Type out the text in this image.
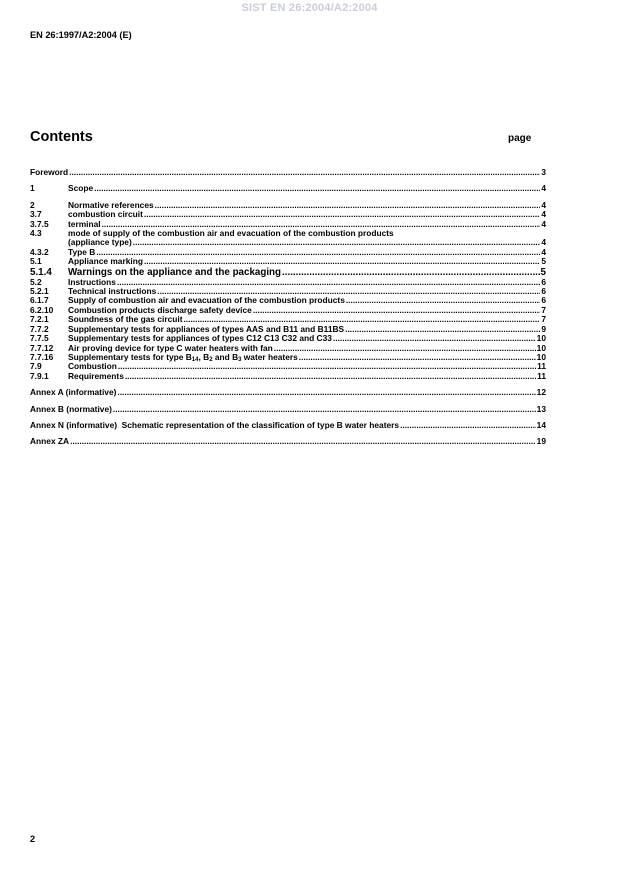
SIST EN 26:2004/A2:2004
EN 26:1997/A2:2004 (E)
Contents	page
Foreword .....	3
1	Scope .....	4
2	Normative references .....	4
3.7	combustion circuit .....	4
3.7.5	terminal .....	4
4.3	mode of supply of the combustion air and evacuation of the combustion products
(appliance type) .....	4
4.3.2	Type B .....	4
5.1	Appliance marking .....	5
5.1.4	Warnings on the appliance and the packaging .....	5
5.2	Instructions .....	6
5.2.1	Technical instructions .....	6
6.1.7	Supply of combustion air and evacuation of the combustion products .....	6
6.2.10	Combustion products discharge safety device .....	7
7.2.1	Soundness of the gas circuit .....	7
7.7.2	Supplementary tests for appliances of types AAS and B11 and B11BS .....	9
7.7.5	Supplementary tests for appliances of types C12 C13 C32 and C33 .....	10
7.7.12	Air proving device for type C water heaters with fan .....	10
7.7.16	Supplementary tests for type $B_{14}$, $B_2$ and $B_3$ water heaters .....	10
7.9	Combustion .....	11
7.9.1	Requirements .....	11
Annex A (informative) .....	12
Annex B (normative) .....	13
Annex N (informative)  Schematic representation of the classification of type B water heaters .....	14
Annex ZA .....	19
2
